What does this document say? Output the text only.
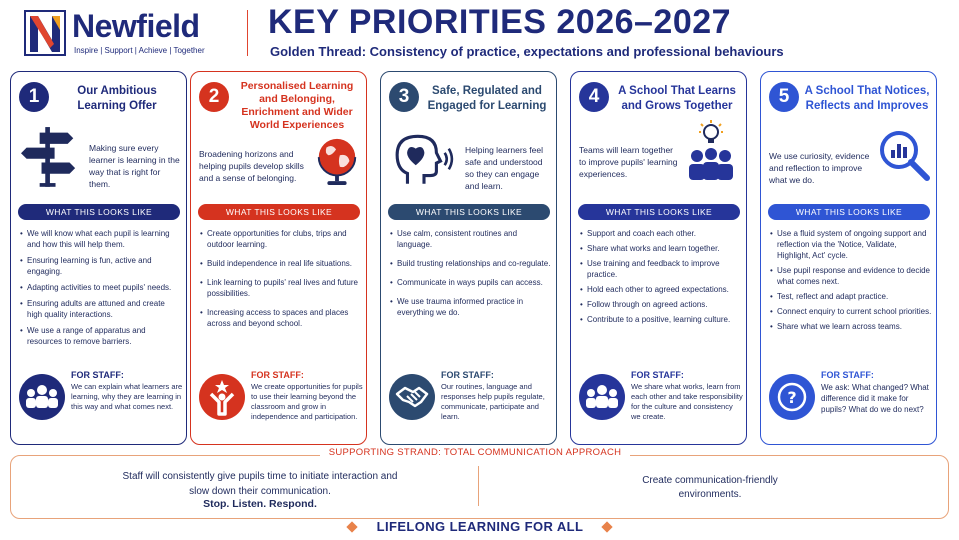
Newfield
Inspire | Support | Achieve | Together
KEY PRIORITIES 2026–2027
Golden Thread: Consistency of practice, expectations and professional behaviours
1	Our Ambitious Learning Offer
Making sure every learner is learning in the way that is right for them.
WHAT THIS LOOKS LIKE
• We will know what each pupil is learning and how this will help them.
• Ensuring learning is fun, active and engaging.
• Adapting activities to meet pupils' needs.
• Ensuring adults are attuned and create high quality interactions.
• We use a range of apparatus and resources to remove barriers.
FOR STAFF:
We can explain what learners are learning, why they are learning in this way and what comes next.
2	Personalised Learning and Belonging, Enrichment and Wider World Experiences
Broadening horizons and helping pupils develop skills and a sense of belonging.
WHAT THIS LOOKS LIKE
• Create opportunities for clubs, trips and outdoor learning.
• Build independence in real life situations.
• Link learning to pupils' real lives and future possibilities.
• Increasing access to spaces and places across and beyond school.
FOR STAFF:
We create opportunities for pupils to use their learning beyond the classroom and grow in independence and participation.
3	Safe, Regulated and Engaged for Learning
Helping learners feel safe and understood so they can engage and learn.
WHAT THIS LOOKS LIKE
• Use calm, consistent routines and language.
• Build trusting relationships and co-regulate.
• Communicate in ways pupils can access.
• We use trauma informed practice in everything we do.
FOR STAFF:
Our routines, language and responses help pupils regulate, communicate, participate and learn.
4	A School That Learns and Grows Together
Teams will learn together to improve pupils' learning experiences.
WHAT THIS LOOKS LIKE
• Support and coach each other.
• Share what works and learn together.
• Use training and feedback to improve practice.
• Hold each other to agreed expectations.
• Follow through on agreed actions.
• Contribute to a positive, learning culture.
FOR STAFF:
We share what works, learn from each other and take responsibility for the culture and consistency we create.
5	A School That Notices, Reflects and Improves
We use curiosity, evidence and reflection to improve what we do.
WHAT THIS LOOKS LIKE
• Use a fluid system of ongoing support and reflection via the 'Notice, Validate, Highlight, Act' cycle.
• Use pupil response and evidence to decide what comes next.
• Test, reflect and adapt practice.
• Connect enquiry to current school priorities.
• Share what we learn across teams.
?
FOR STAFF:
We ask: What changed? What difference did it make for pupils? What do we do next?
SUPPORTING STRAND: TOTAL COMMUNICATION APPROACH
Staff will consistently give pupils time to initiate interaction and slow down their communication.
Stop. Listen. Respond.
Create communication-friendly environments.
LIFELONG LEARNING FOR ALL
